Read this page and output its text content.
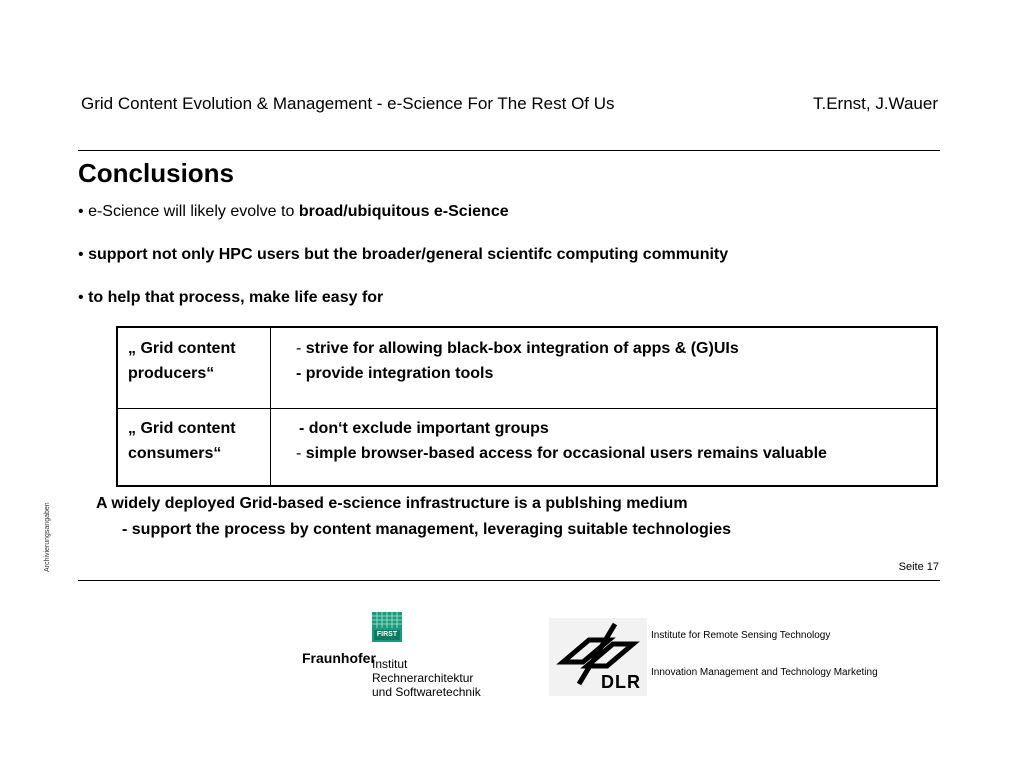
Grid Content Evolution & Management - e-Science For The Rest Of Us	T.Ernst, J.Wauer
Conclusions
• e-Science will likely evolve to broad/ubiquitous e-Science
• support not only HPC users but the broader/general scientifc computing community
• to help that process, make life easy for
„ Grid content
producers“
- strive for allowing black-box integration of apps & (G)UIs
- provide integration tools
„ Grid content
consumers“
- don‘t exclude important groups
- simple browser-based access for occasional users remains valuable
A widely deployed Grid-based e-science infrastructure is a publshing medium
- support the process by content management, leveraging suitable technologies
Seite 17
Archivierungsangaben
FIRST
Fraunhofer
Institut
Rechnerarchitektur
und Softwaretechnik	DLR
Institute for Remote Sensing Technology
Innovation Management and Technology Marketing
